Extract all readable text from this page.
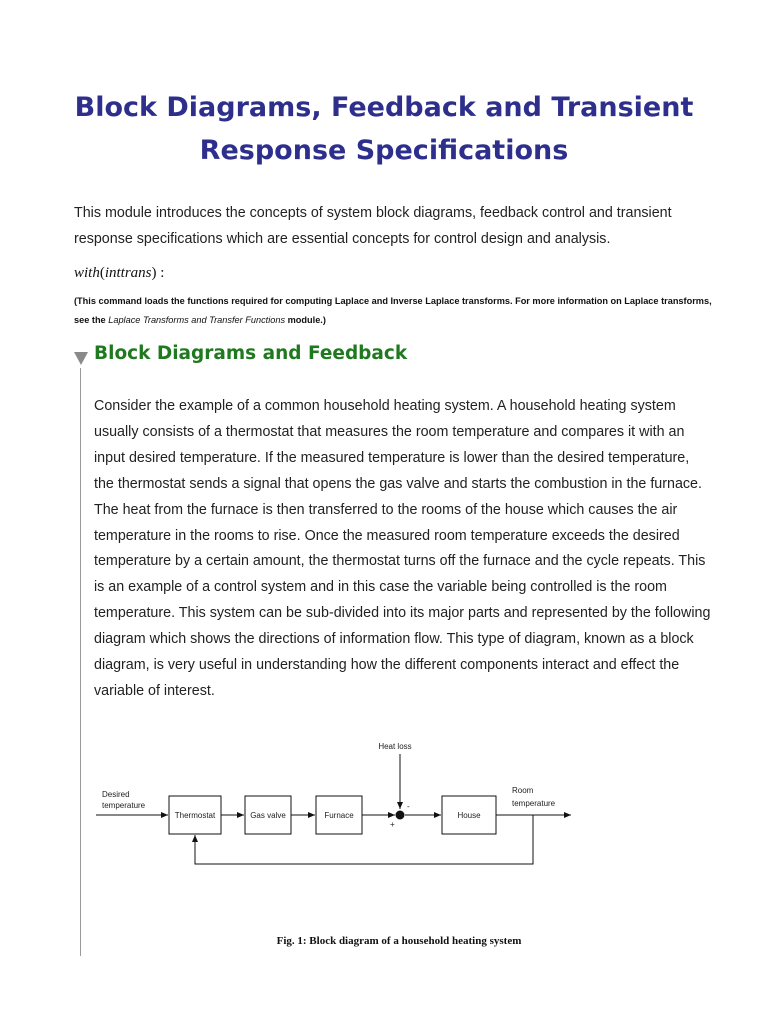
Block Diagrams, Feedback and Transient
Response Specifications
This module introduces the concepts of system block diagrams, feedback control and transient response specifications which are essential concepts for control design and analysis.
with(inttrans) :
(This command loads the functions required for computing Laplace and Inverse Laplace transforms. For more information on Laplace transforms, see the Laplace Transforms and Transfer Functions module.)
Block Diagrams and Feedback
Consider the example of a common household heating system. A household heating system usually consists of a thermostat that measures the room temperature and compares it with an input desired temperature. If the measured temperature is lower than the desired temperature, the thermostat sends a signal that opens the gas valve and starts the combustion in the furnace. The heat from the furnace is then transferred to the rooms of the house which causes the air temperature in the rooms to rise. Once the measured room temperature exceeds the desired temperature by a certain amount, the thermostat turns off the furnace and the cycle repeats. This is an example of a control system and in this case the variable being controlled is the room temperature. This system can be sub-divided into its major parts and represented by the following diagram which shows the directions of information flow. This type of diagram, known as a block diagram, is very useful in understanding how the different components interact and effect the variable of interest.
Desired
temperature
Thermostat	Gas valve	Furnace
Heat loss
-
+
House
Room
temperature
Fig. 1: Block diagram of a household heating system
